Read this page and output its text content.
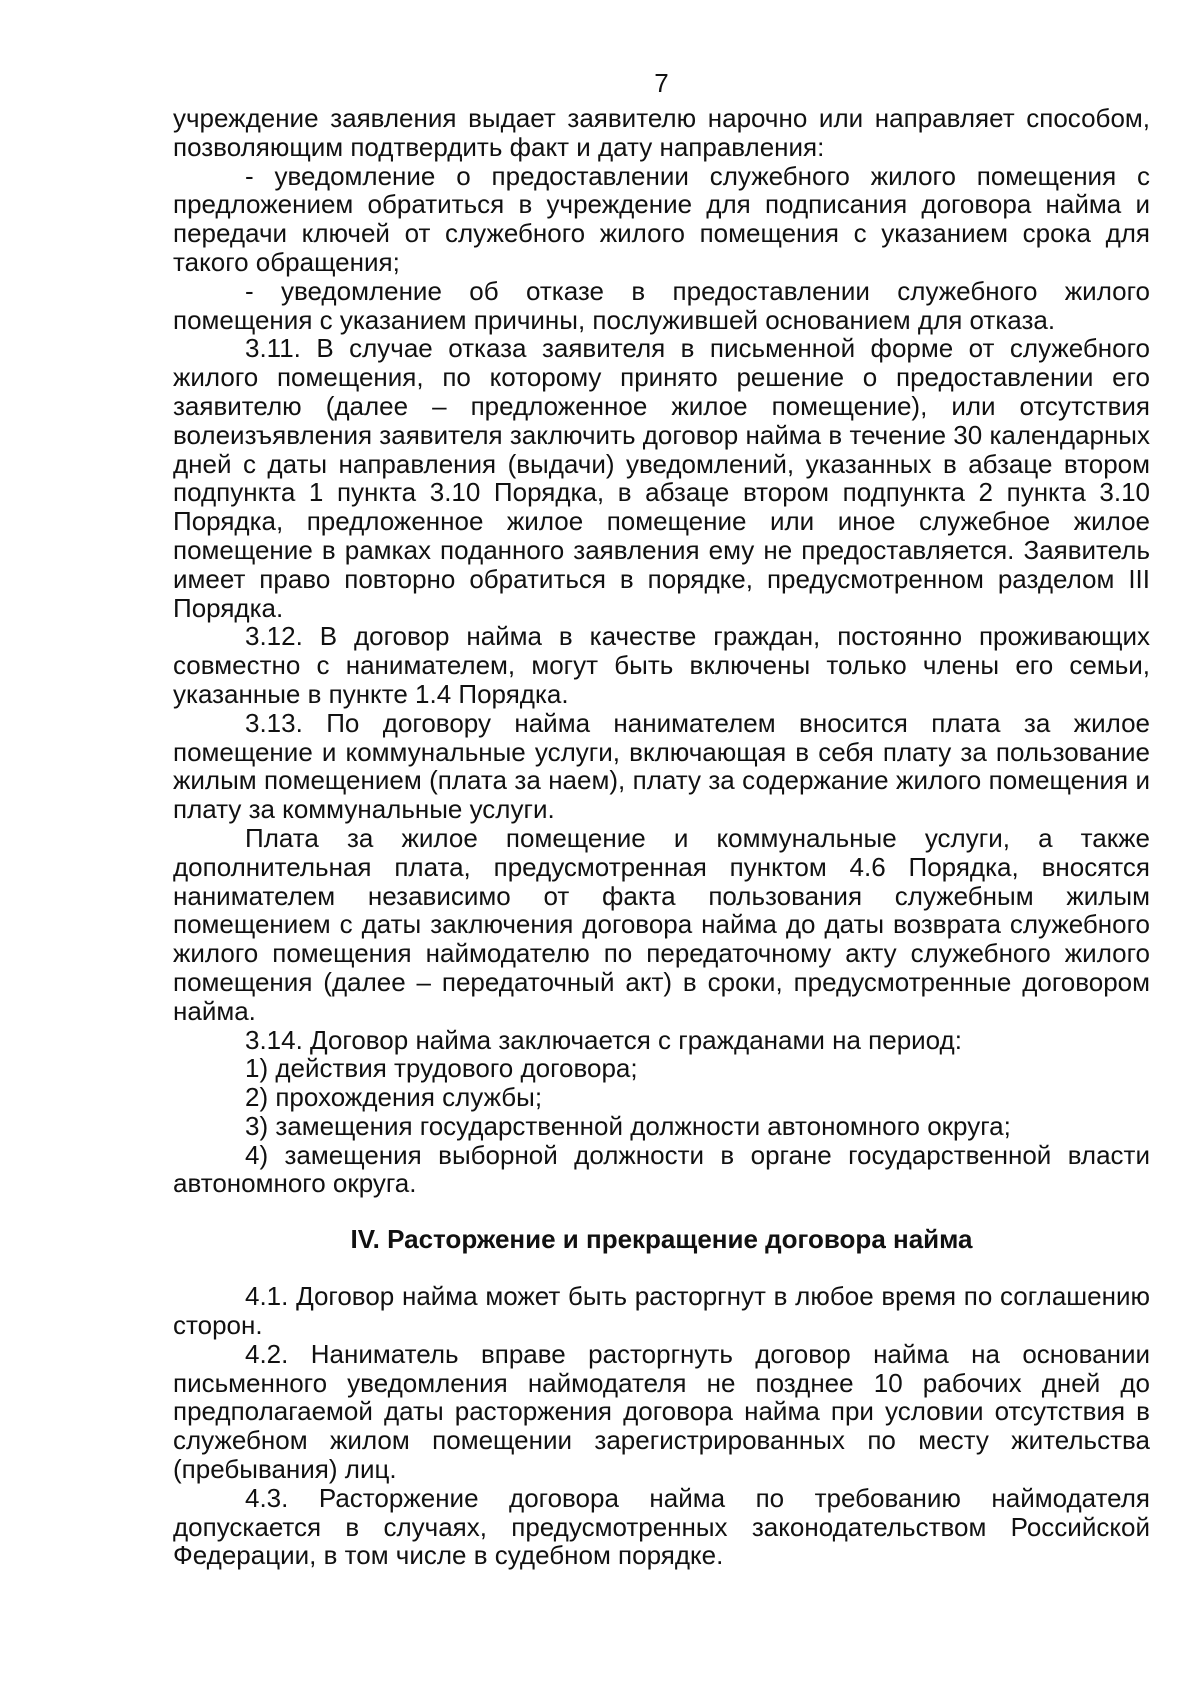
7

учреждение заявления выдает заявителю нарочно или направляет способом, позволяющим подтвердить факт и дату направления:

- уведомление о предоставлении служебного жилого помещения с предложением обратиться в учреждение для подписания договора найма и передачи ключей от служебного жилого помещения с указанием срока для такого обращения;

- уведомление об отказе в предоставлении служебного жилого помещения с указанием причины, послужившей основанием для отказа.

3.11. В случае отказа заявителя в письменной форме от служебного жилого помещения, по которому принято решение о предоставлении его заявителю (далее – предложенное жилое помещение), или отсутствия волеизъявления заявителя заключить договор найма в течение 30 календарных дней с даты направления (выдачи) уведомлений, указанных в абзаце втором подпункта 1 пункта 3.10 Порядка, в абзаце втором подпункта 2 пункта 3.10 Порядка, предложенное жилое помещение или иное служебное жилое помещение в рамках поданного заявления ему не предоставляется. Заявитель имеет право повторно обратиться в порядке, предусмотренном разделом III Порядка.

3.12. В договор найма в качестве граждан, постоянно проживающих совместно с нанимателем, могут быть включены только члены его семьи, указанные в пункте 1.4 Порядка.

3.13. По договору найма нанимателем вносится плата за жилое помещение и коммунальные услуги, включающая в себя плату за пользование жилым помещением (плата за наем), плату за содержание жилого помещения и плату за коммунальные услуги.

Плата за жилое помещение и коммунальные услуги, а также дополнительная плата, предусмотренная пунктом 4.6 Порядка, вносятся нанимателем независимо от факта пользования служебным жилым помещением с даты заключения договора найма до даты возврата служебного жилого помещения наймодателю по передаточному акту служебного жилого помещения (далее – передаточный акт) в сроки, предусмотренные договором найма.

3.14. Договор найма заключается с гражданами на период:

1) действия трудового договора;

2) прохождения службы;

3) замещения государственной должности автономного округа;

4) замещения выборной должности в органе государственной власти автономного округа.

IV. Расторжение и прекращение договора найма

4.1. Договор найма может быть расторгнут в любое время по соглашению сторон.

4.2. Наниматель вправе расторгнуть договор найма на основании письменного уведомления наймодателя не позднее 10 рабочих дней до предполагаемой даты расторжения договора найма при условии отсутствия в служебном жилом помещении зарегистрированных по месту жительства (пребывания) лиц.

4.3. Расторжение договора найма по требованию наймодателя допускается в случаях, предусмотренных законодательством Российской Федерации, в том числе в судебном порядке.
